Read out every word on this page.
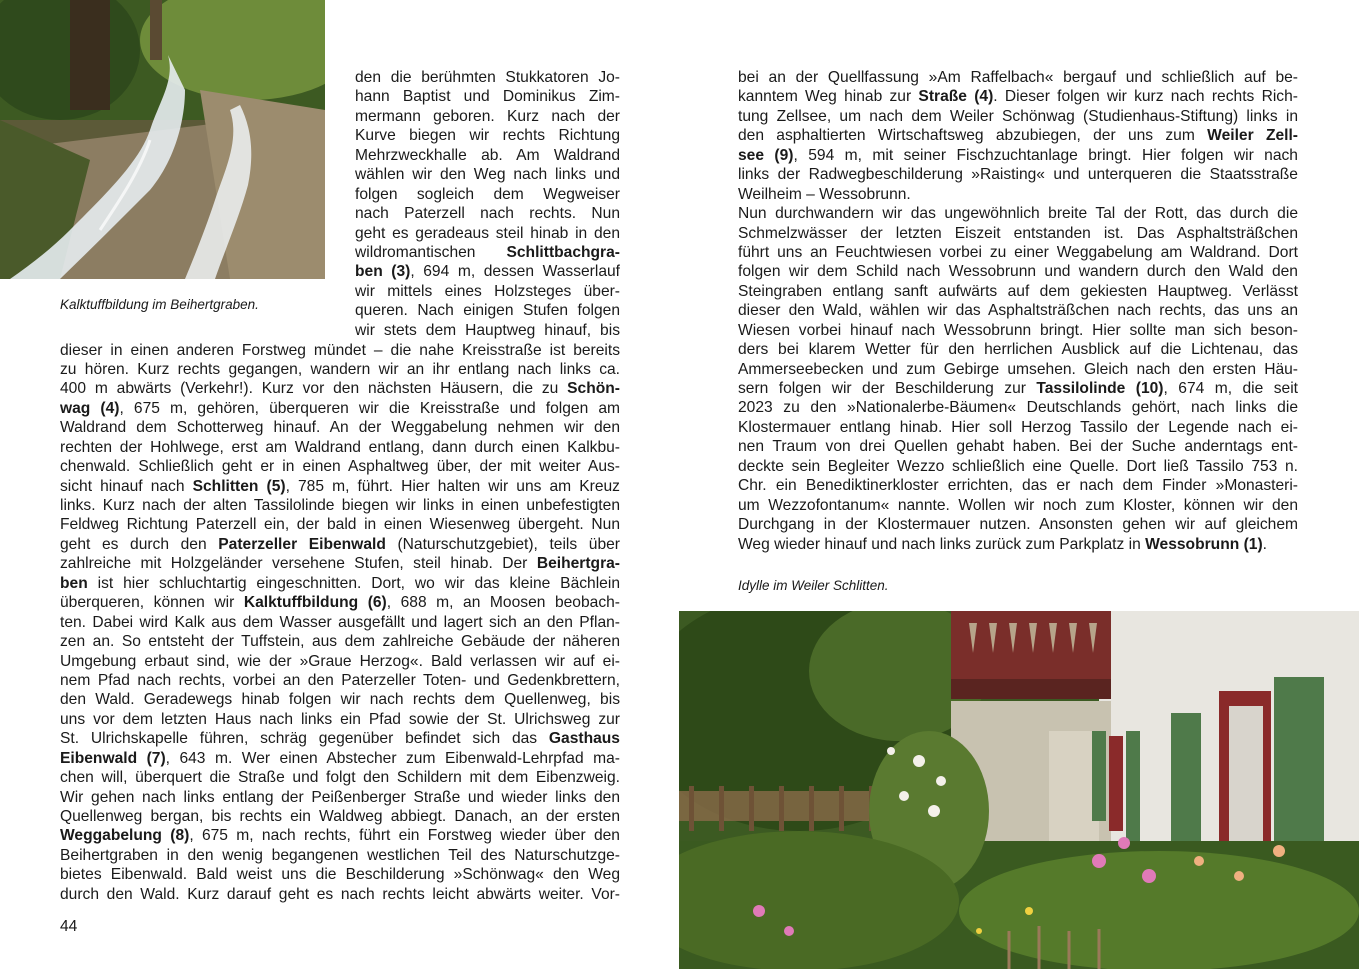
Kalktuffbildung im Beihertgraben.
den die berühmten Stukkatoren Jo-
hann Baptist und Dominikus Zim-
mermann geboren. Kurz nach der
Kurve biegen wir rechts Richtung
Mehrzweckhalle ab. Am Waldrand
wählen wir den Weg nach links und
folgen sogleich dem Wegweiser
nach Paterzell nach rechts. Nun
geht es geradeaus steil hinab in den
wildromantischen Schlittbachgra-
ben (3), 694 m, dessen Wasserlauf
wir mittels eines Holzsteges über-
queren. Nach einigen Stufen folgen
wir stets dem Hauptweg hinauf, bis
dieser in einen anderen Forstweg mündet – die nahe Kreisstraße ist bereits
zu hören. Kurz rechts gegangen, wandern wir an ihr entlang nach links ca.
400 m abwärts (Verkehr!). Kurz vor den nächsten Häusern, die zu Schön-
wag (4), 675 m, gehören, überqueren wir die Kreisstraße und folgen am
Waldrand dem Schotterweg hinauf. An der Weggabelung nehmen wir den
rechten der Hohlwege, erst am Waldrand entlang, dann durch einen Kalkbu-
chenwald. Schließlich geht er in einen Asphaltweg über, der mit weiter Aus-
sicht hinauf nach Schlitten (5), 785 m, führt. Hier halten wir uns am Kreuz
links. Kurz nach der alten Tassilolinde biegen wir links in einen unbefestigten
Feldweg Richtung Paterzell ein, der bald in einen Wiesenweg übergeht. Nun
geht es durch den Paterzeller Eibenwald (Naturschutzgebiet), teils über
zahlreiche mit Holzgeländer versehene Stufen, steil hinab. Der Beihertgra-
ben ist hier schluchtartig eingeschnitten. Dort, wo wir das kleine Bächlein
überqueren, können wir Kalktuffbildung (6), 688 m, an Moosen beobach-
ten. Dabei wird Kalk aus dem Wasser ausgefällt und lagert sich an den Pflan-
zen an. So entsteht der Tuffstein, aus dem zahlreiche Gebäude der näheren
Umgebung erbaut sind, wie der »Graue Herzog«. Bald verlassen wir auf ei-
nem Pfad nach rechts, vorbei an den Paterzeller Toten- und Gedenkbrettern,
den Wald. Geradewegs hinab folgen wir nach rechts dem Quellenweg, bis
uns vor dem letzten Haus nach links ein Pfad sowie der St. Ulrichsweg zur
St. Ulrichskapelle führen, schräg gegenüber befindet sich das Gasthaus
Eibenwald (7), 643 m. Wer einen Abstecher zum Eibenwald-Lehrpfad ma-
chen will, überquert die Straße und folgt den Schildern mit dem Eibenzweig.
Wir gehen nach links entlang der Peißenberger Straße und wieder links den
Quellenweg bergan, bis rechts ein Waldweg abbiegt. Danach, an der ersten
Weggabelung (8), 675 m, nach rechts, führt ein Forstweg wieder über den
Beihertgraben in den wenig begangenen westlichen Teil des Naturschutzge-
bietes Eibenwald. Bald weist uns die Beschilderung »Schönwag« den Weg
durch den Wald. Kurz darauf geht es nach rechts leicht abwärts weiter. Vor-
44
bei an der Quellfassung »Am Raffelbach« bergauf und schließlich auf be-
kanntem Weg hinab zur Straße (4). Dieser folgen wir kurz nach rechts Rich-
tung Zellsee, um nach dem Weiler Schönwag (Studienhaus-Stiftung) links in
den asphaltierten Wirtschaftsweg abzubiegen, der uns zum Weiler Zell-
see (9), 594 m, mit seiner Fischzuchtanlage bringt. Hier folgen wir nach
links der Radwegbeschilderung »Raisting« und unterqueren die Staatsstraße
Weilheim – Wessobrunn.
Nun durchwandern wir das ungewöhnlich breite Tal der Rott, das durch die
Schmelzwässer der letzten Eiszeit entstanden ist. Das Asphaltsträßchen
führt uns an Feuchtwiesen vorbei zu einer Weggabelung am Waldrand. Dort
folgen wir dem Schild nach Wessobrunn und wandern durch den Wald den
Steingraben entlang sanft aufwärts auf dem gekiesten Hauptweg. Verlässt
dieser den Wald, wählen wir das Asphaltsträßchen nach rechts, das uns an
Wiesen vorbei hinauf nach Wessobrunn bringt. Hier sollte man sich beson-
ders bei klarem Wetter für den herrlichen Ausblick auf die Lichtenau, das
Ammerseebecken und zum Gebirge umsehen. Gleich nach den ersten Häu-
sern folgen wir der Beschilderung zur Tassilolinde (10), 674 m, die seit
2023 zu den »Nationalerbe-Bäumen« Deutschlands gehört, nach links die
Klostermauer entlang hinab. Hier soll Herzog Tassilo der Legende nach ei-
nen Traum von drei Quellen gehabt haben. Bei der Suche anderntags ent-
deckte sein Begleiter Wezzo schließlich eine Quelle. Dort ließ Tassilo 753 n.
Chr. ein Benediktinerkloster errichten, das er nach dem Finder »Monasteri-
um Wezzofontanum« nannte. Wollen wir noch zum Kloster, können wir den
Durchgang in der Klostermauer nutzen. Ansonsten gehen wir auf gleichem
Weg wieder hinauf und nach links zurück zum Parkplatz in Wessobrunn (1).
Idylle im Weiler Schlitten.
